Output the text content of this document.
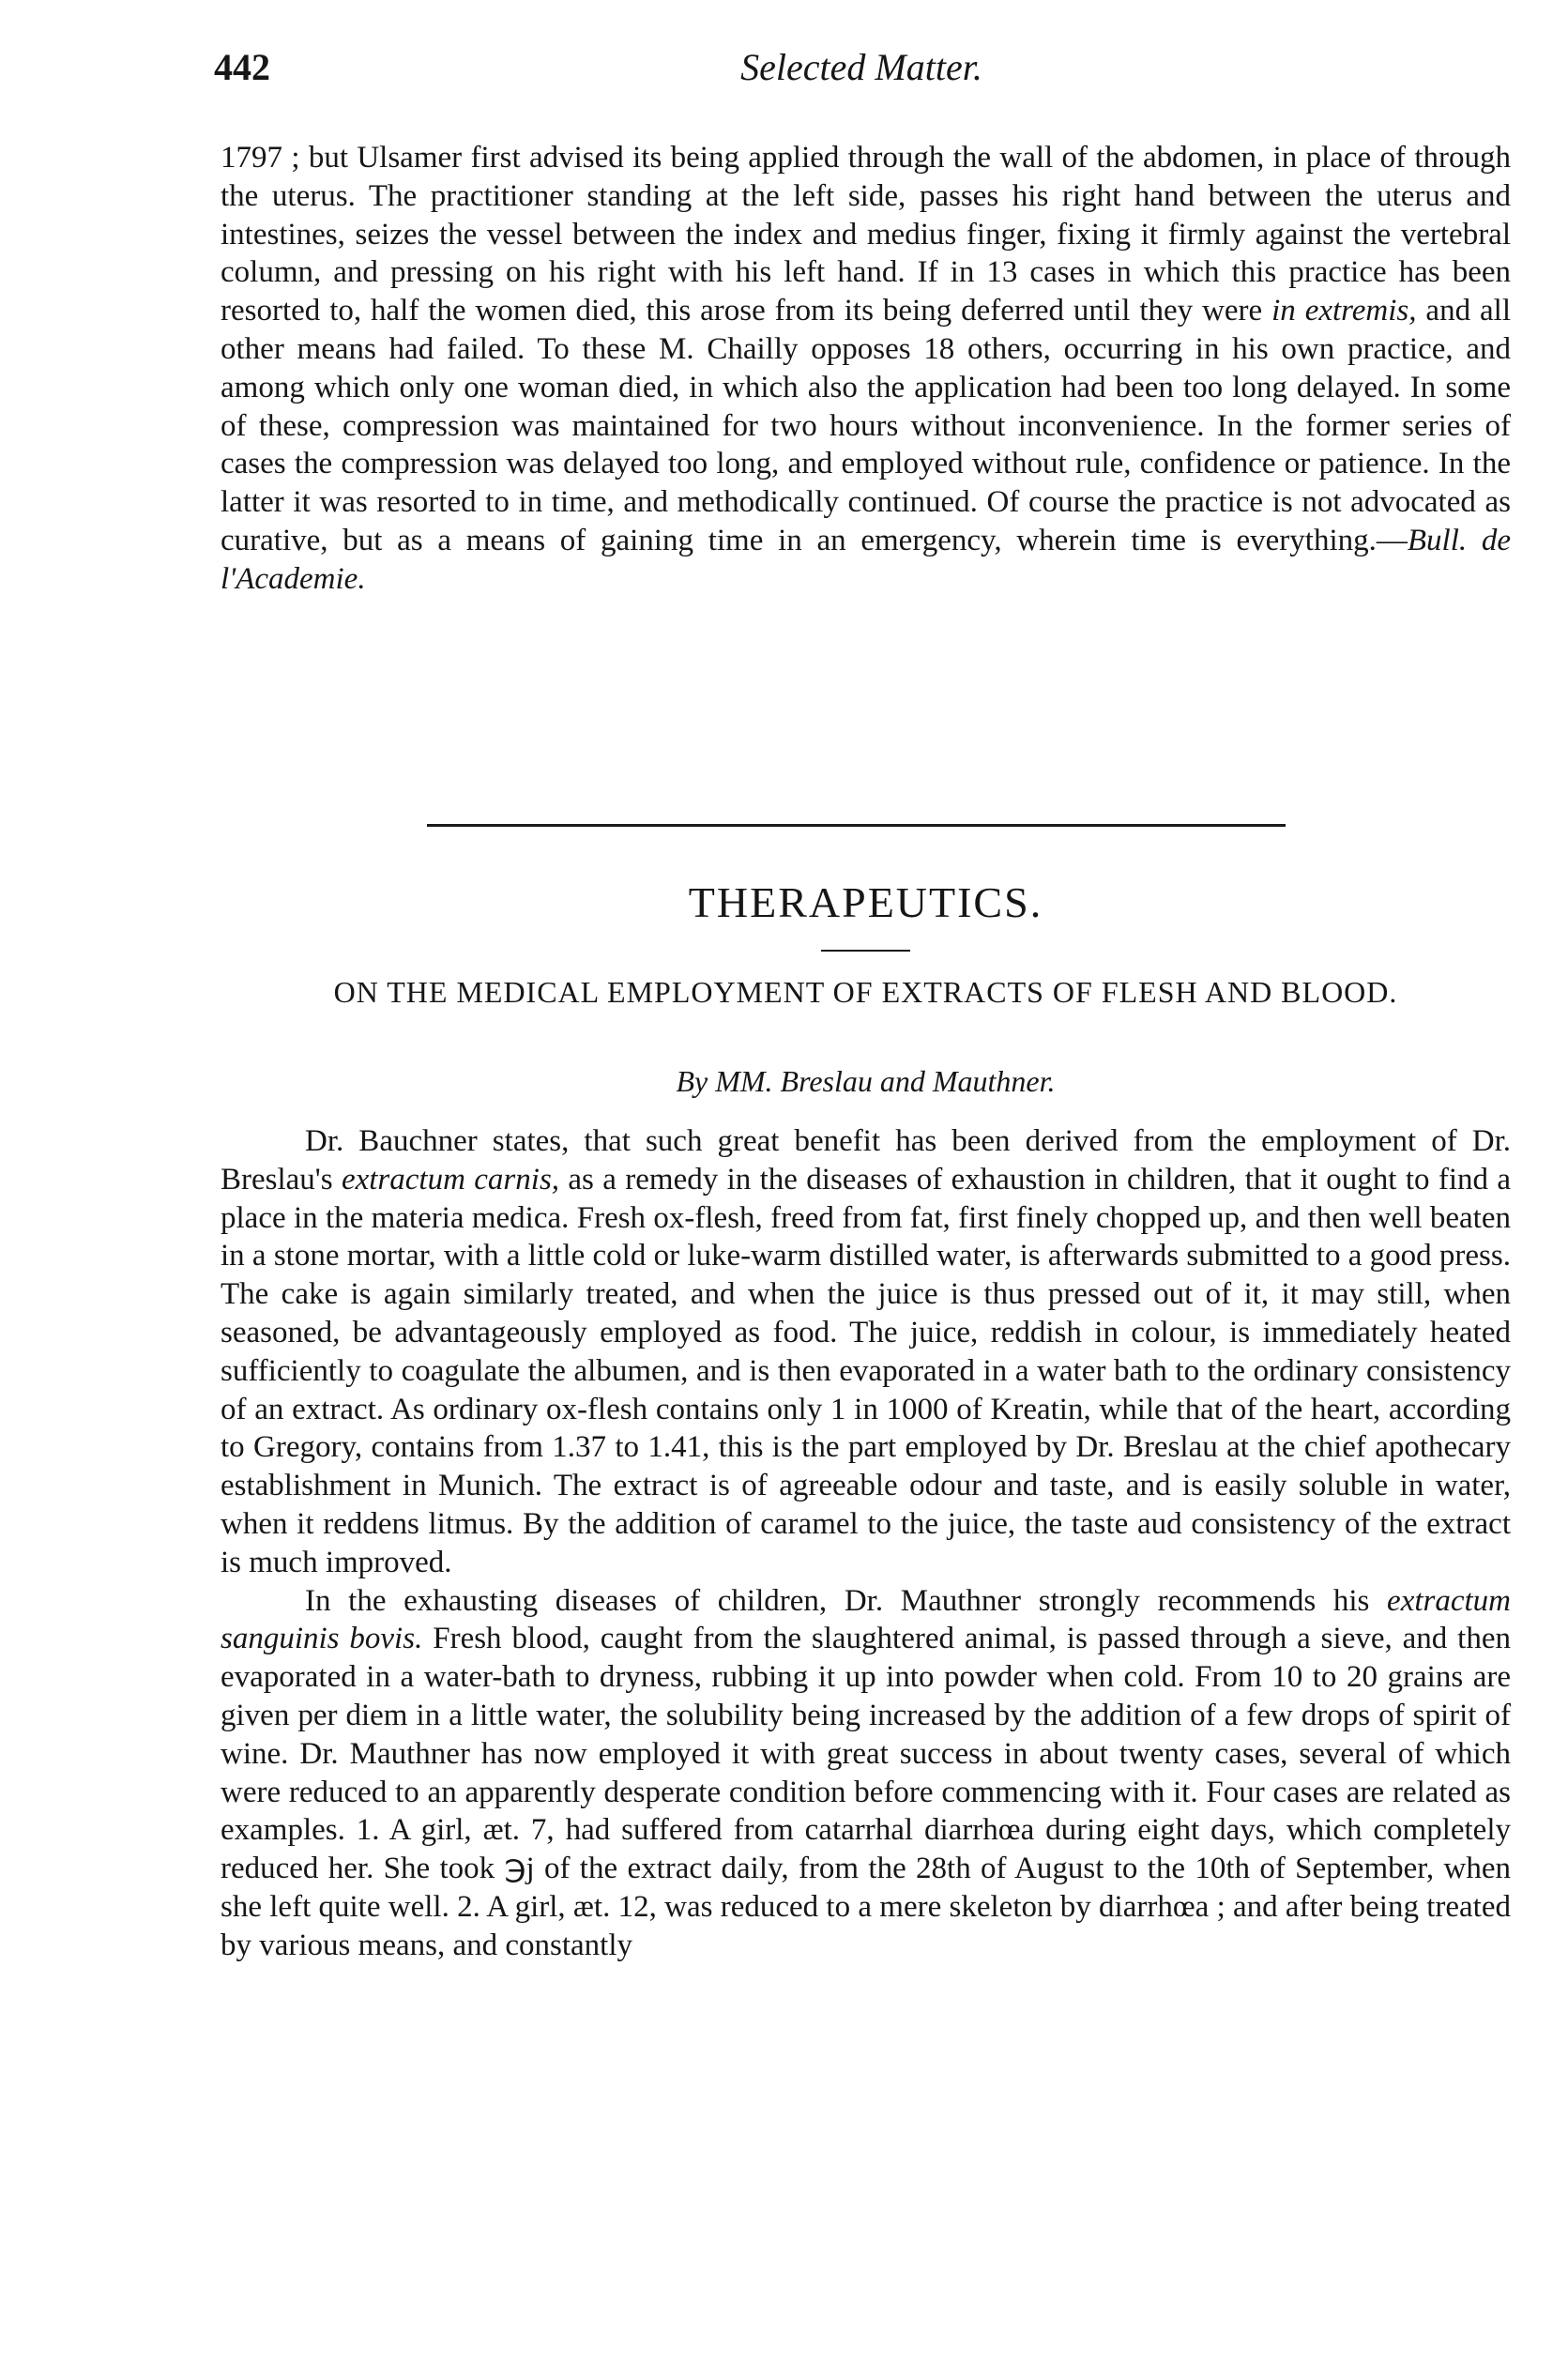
442	Selected Matter.

1797 ; but Ulsamer first advised its being applied through the wall of the abdomen, in place of through the uterus. The practitioner standing at the left side, passes his right hand between the uterus and intestines, seizes the vessel between the index and medius finger, fixing it firmly against the vertebral column, and pressing on his right with his left hand. If in 13 cases in which this practice has been resorted to, half the women died, this arose from its being deferred until they were in extremis, and all other means had failed. To these M. Chailly opposes 18 others, occurring in his own practice, and among which only one woman died, in which also the application had been too long delayed. In some of these, compression was maintained for two hours without inconvenience. In the former series of cases the compression was delayed too long, and employed without rule, confidence or patience. In the latter it was resorted to in time, and methodically continued. Of course the practice is not advocated as curative, but as a means of gaining time in an emergency, wherein time is everything.—Bull. de l'Academie.

THERAPEUTICS.
ON THE MEDICAL EMPLOYMENT OF EXTRACTS OF FLESH AND BLOOD.
By MM. Breslau and Mauthner.

Dr. Bauchner states, that such great benefit has been derived from the employment of Dr. Breslau's extractum carnis, as a remedy in the diseases of exhaustion in children, that it ought to find a place in the materia medica. Fresh ox-flesh, freed from fat, first finely chopped up, and then well beaten in a stone mortar, with a little cold or luke-warm distilled water, is afterwards submitted to a good press. The cake is again similarly treated, and when the juice is thus pressed out of it, it may still, when seasoned, be advantageously employed as food. The juice, reddish in colour, is immediately heated sufficiently to coagulate the albumen, and is then evaporated in a water bath to the ordinary consistency of an extract. As ordinary ox-flesh contains only 1 in 1000 of Kreatin, while that of the heart, according to Gregory, contains from 1.37 to 1.41, this is the part employed by Dr. Breslau at the chief apothecary establishment in Munich. The extract is of agreeable odour and taste, and is easily soluble in water, when it reddens litmus. By the addition of caramel to the juice, the taste aud consistency of the extract is much improved.

In the exhausting diseases of children, Dr. Mauthner strongly recommends his extractum sanguinis bovis. Fresh blood, caught from the slaughtered animal, is passed through a sieve, and then evaporated in a water-bath to dryness, rubbing it up into powder when cold. From 10 to 20 grains are given per diem in a little water, the solubility being increased by the addition of a few drops of spirit of wine. Dr. Mauthner has now employed it with great success in about twenty cases, several of which were reduced to an apparently desperate condition before commencing with it. Four cases are related as examples. 1. A girl, æt. 7, had suffered from catarrhal diarrhœa during eight days, which completely reduced her. She took ℈j of the extract daily, from the 28th of August to the 10th of September, when she left quite well. 2. A girl, æt. 12, was reduced to a mere skeleton by diarrhœa ; and after being treated by various means, and constantly
